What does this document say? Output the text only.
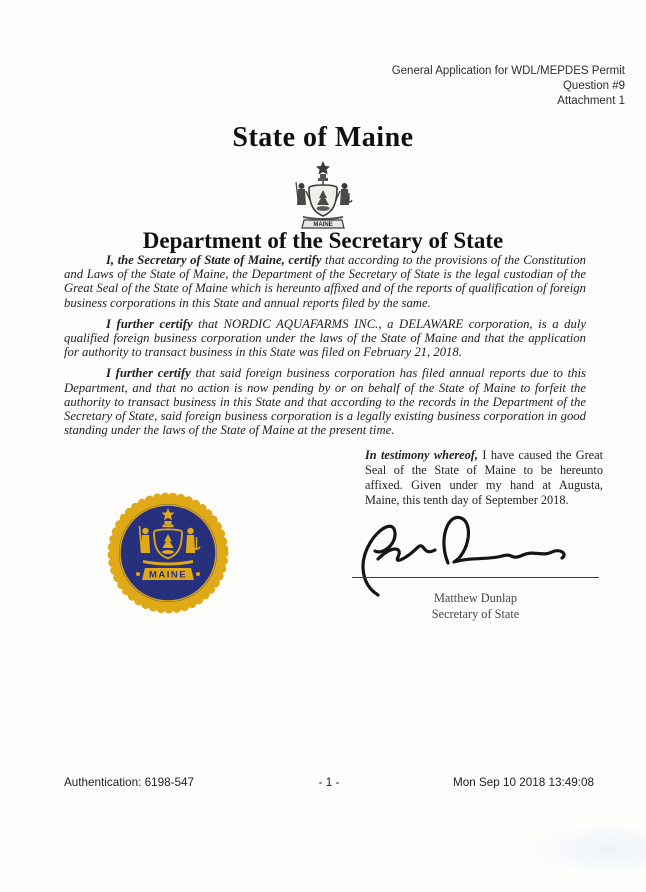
General Application for WDL/MEPDES Permit
Question #9
Attachment 1
State of Maine
MAINE
Department of the Secretary of State

I, the Secretary of State of Maine, certify that according to the provisions of the Constitution and Laws of the State of Maine, the Department of the Secretary of State is the legal custodian of the Great Seal of the State of Maine which is hereunto affixed and of the reports of qualification of foreign business corporations in this State and annual reports filed by the same.

I further certify that NORDIC AQUAFARMS INC., a DELAWARE corporation, is a duly qualified foreign business corporation under the laws of the State of Maine and that the application for authority to transact business in this State was filed on February 21, 2018.

I further certify that said foreign business corporation has filed annual reports due to this Department, and that no action is now pending by or on behalf of the State of Maine to forfeit the authority to transact business in this State and that according to the records in the Department of the Secretary of State, said foreign business corporation is a legally existing business corporation in good standing under the laws of the State of Maine at the present time.

In testimony whereof, I have caused the Great Seal of the State of Maine to be hereunto affixed. Given under my hand at Augusta, Maine, this tenth day of September 2018.
MAINE
Matthew Dunlap
Secretary of State
Authentication: 6198-547	- 1 -	Mon Sep 10 2018 13:49:08
